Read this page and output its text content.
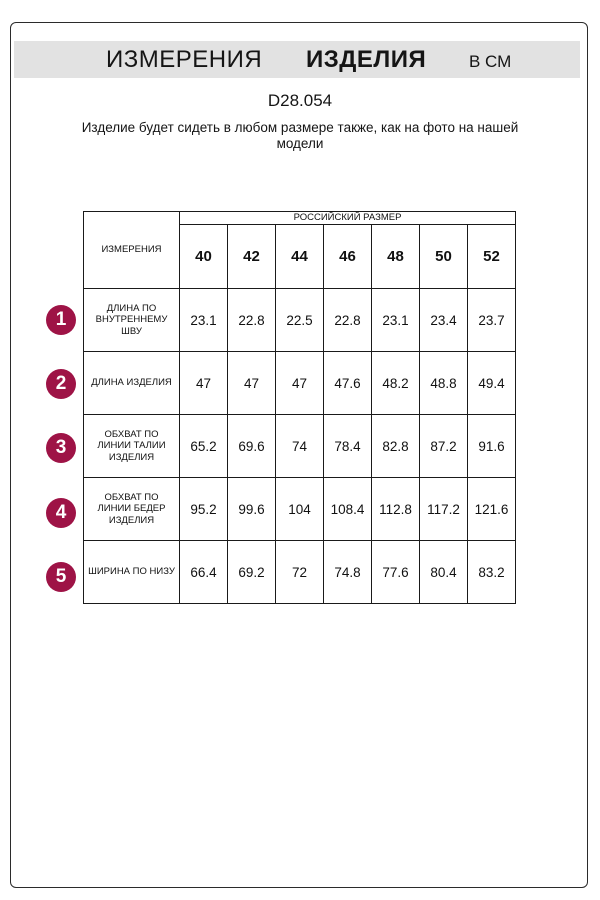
ИЗМЕРЕНИЯ ИЗДЕЛИЯ	В СМ
D28.054
Изделие будет сидеть в любом размере также, как на фото на нашей модели
ИЗМЕРЕНИЯ	РОССИЙСКИЙ РАЗМЕР						
	40	42	44	46	48	50	52
ДЛИНА ПО ВНУТРЕННЕМУ ШВУ	23.1	22.8	22.5	22.8	23.1	23.4	23.7
ДЛИНА ИЗДЕЛИЯ	47	47	47	47.6	48.2	48.8	49.4
ОБХВАТ ПО ЛИНИИ ТАЛИИ ИЗДЕЛИЯ	65.2	69.6	74	78.4	82.8	87.2	91.6
ОБХВАТ ПО ЛИНИИ БЕДЕР ИЗДЕЛИЯ	95.2	99.6	104	108.4	112.8	117.2	121.6
ШИРИНА ПО НИЗУ	66.4	69.2	72	74.8	77.6	80.4	83.2
1
2
3
4
5
